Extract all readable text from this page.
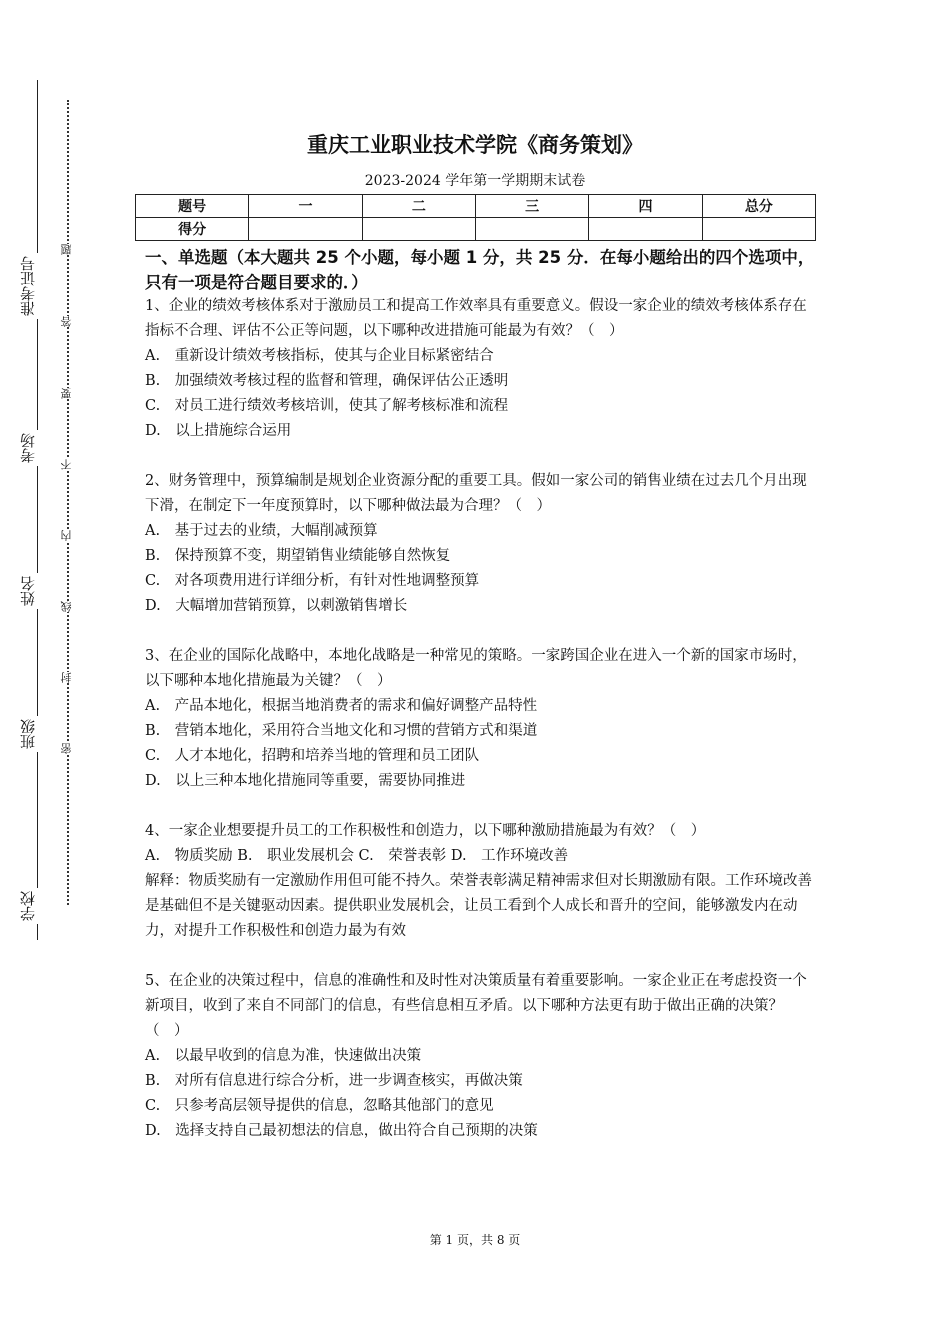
准考证号
考场
姓名
班级
学校
题
答
要
不
内
线
封
密
重庆工业职业技术学院《商务策划》
2023-2024 学年第一学期期末试卷
题号	一	二	三	四	总分
得分					
一、单选题（本大题共 25 个小题，每小题 1 分，共 25 分．在每小题给出的四个选项中，只有一项是符合题目要求的．）

1、企业的绩效考核体系对于激励员工和提高工作效率具有重要意义。假设一家企业的绩效考核体系存在指标不合理、评估不公正等问题，以下哪种改进措施可能最为有效？（　）

A.　重新设计绩效考核指标，使其与企业目标紧密结合

B.　加强绩效考核过程的监督和管理，确保评估公正透明

C.　对员工进行绩效考核培训，使其了解考核标准和流程

D.　以上措施综合运用

2、财务管理中，预算编制是规划企业资源分配的重要工具。假如一家公司的销售业绩在过去几个月出现下滑，在制定下一年度预算时，以下哪种做法最为合理？（　）

A.　基于过去的业绩，大幅削减预算

B.　保持预算不变，期望销售业绩能够自然恢复

C.　对各项费用进行详细分析，有针对性地调整预算

D.　大幅增加营销预算，以刺激销售增长

3、在企业的国际化战略中，本地化战略是一种常见的策略。一家跨国企业在进入一个新的国家市场时，以下哪种本地化措施最为关键？（　）

A.　产品本地化，根据当地消费者的需求和偏好调整产品特性

B.　营销本地化，采用符合当地文化和习惯的营销方式和渠道

C.　人才本地化，招聘和培养当地的管理和员工团队

D.　以上三种本地化措施同等重要，需要协同推进

4、一家企业想要提升员工的工作积极性和创造力，以下哪种激励措施最为有效？（　）

A.　物质奖励 B.　职业发展机会 C.　荣誉表彰 D.　工作环境改善

解释：物质奖励有一定激励作用但可能不持久。荣誉表彰满足精神需求但对长期激励有限。工作环境改善是基础但不是关键驱动因素。提供职业发展机会，让员工看到个人成长和晋升的空间，能够激发内在动力，对提升工作积极性和创造力最为有效

5、在企业的决策过程中，信息的准确性和及时性对决策质量有着重要影响。一家企业正在考虑投资一个新项目，收到了来自不同部门的信息，有些信息相互矛盾。以下哪种方法更有助于做出正确的决策？（　）

A.　以最早收到的信息为准，快速做出决策

B.　对所有信息进行综合分析，进一步调查核实，再做决策

C.　只参考高层领导提供的信息，忽略其他部门的意见

D.　选择支持自己最初想法的信息，做出符合自己预期的决策

第 1 页，共 8 页
